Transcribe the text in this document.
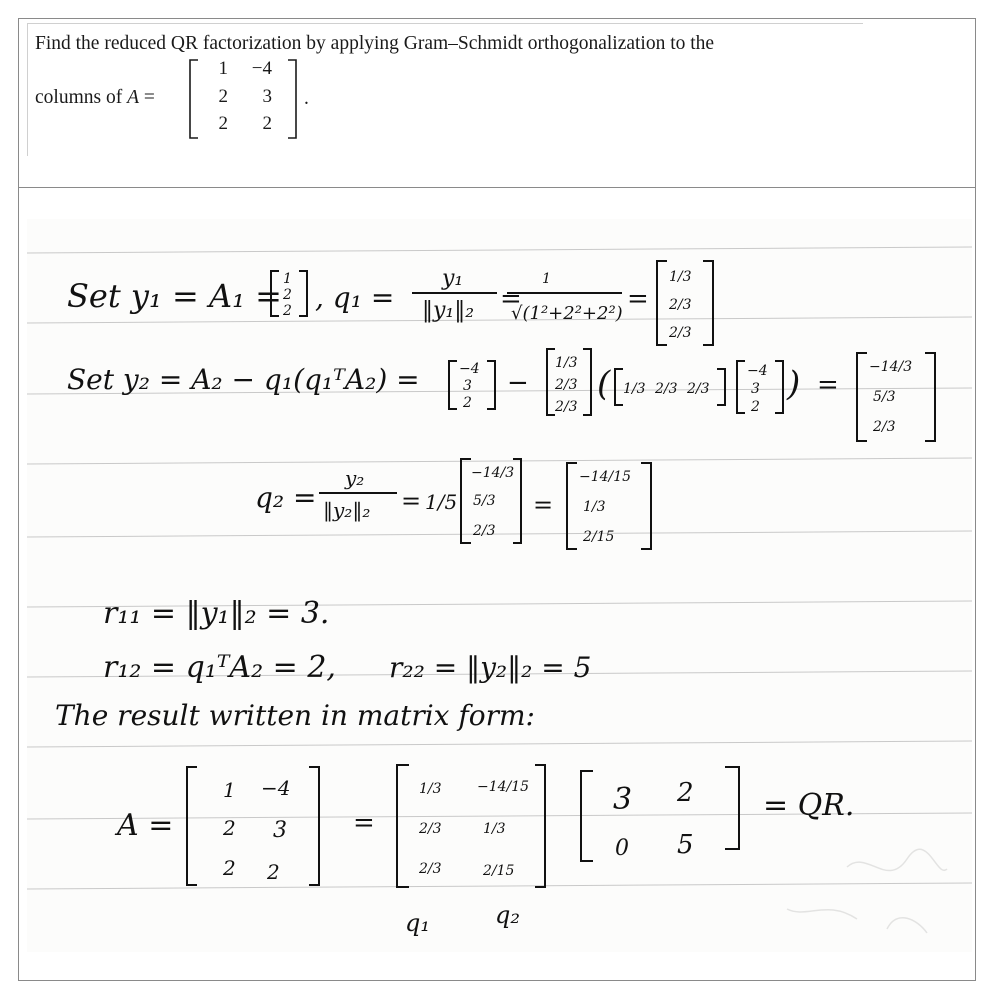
Find the reduced QR factorization by applying Gram–Schmidt orthogonalization to the
columns of A =
1	−4
2	3
2	2
.
Set y₁ = A₁ = 1
2
2 , q₁ =
y₁
‖y₁‖₂ =
1
√(1²+2²+2²) =
1/3
2/3
2/3
Set y₂ = A₂ − q₁(q₁ᵀA₂) =	−4
3
2
−
1/3
2/3
2/3
( 1/3 2/3 2/3
−4
3
2
) =
−14/3
5/3
2/3
q₂ =
y₂
‖y₂‖₂ = 1/5
−14/3
5/3
2/3
=
−14/15
1/3
2/15
r₁₁ = ‖y₁‖₂ = 3.
r₁₂ = q₁ᵀA₂ = 2, r₂₂ = ‖y₂‖₂ = 5
The result written in matrix form:
A =
1 −4
2 3
2 2
=
1/3	−14/15
2/3	1/3
2/3	2/15
3 2
0 5
= QR.
q₁	q₂
